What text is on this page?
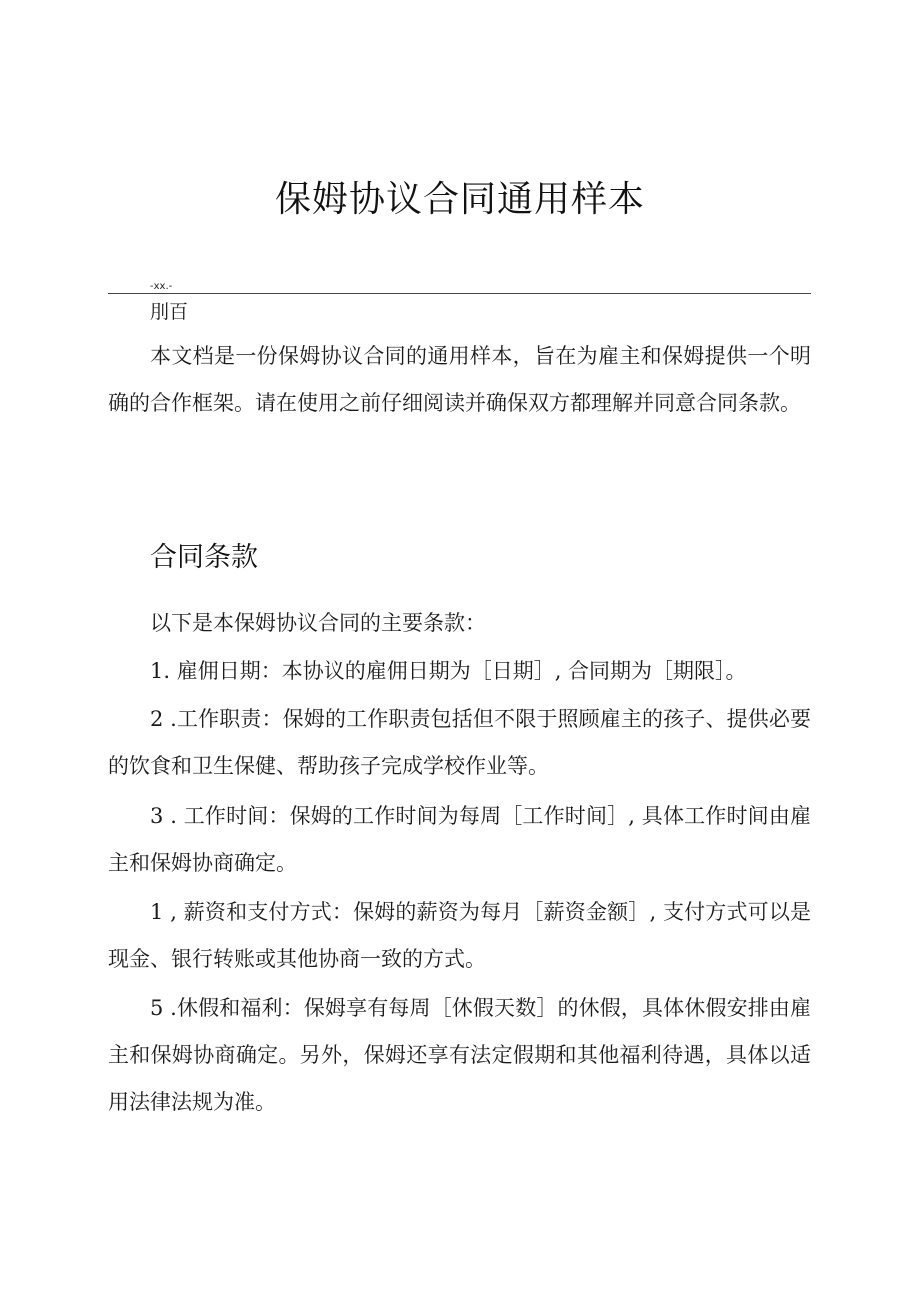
保姆协议合同通用样本
-xx.-
刖百

本文档是一份保姆协议合同的通用样本，旨在为雇主和保姆提供一个明确的合作框架。请在使用之前仔细阅读并确保双方都理解并同意合同条款。

合同条款

以下是本保姆协议合同的主要条款：

1. 雇佣日期：本协议的雇佣日期为［日期］, 合同期为［期限］。

2 .工作职责：保姆的工作职责包括但不限于照顾雇主的孩子、提供必要的饮食和卫生保健、帮助孩子完成学校作业等。

3 . 工作时间：保姆的工作时间为每周［工作时间］, 具体工作时间由雇主和保姆协商确定。

1 , 薪资和支付方式：保姆的薪资为每月［薪资金额］, 支付方式可以是现金、银行转账或其他协商一致的方式。

5 .休假和福利：保姆享有每周［休假天数］的休假，具体休假安排由雇主和保姆协商确定。另外，保姆还享有法定假期和其他福利待遇，具体以适用法律法规为准。
